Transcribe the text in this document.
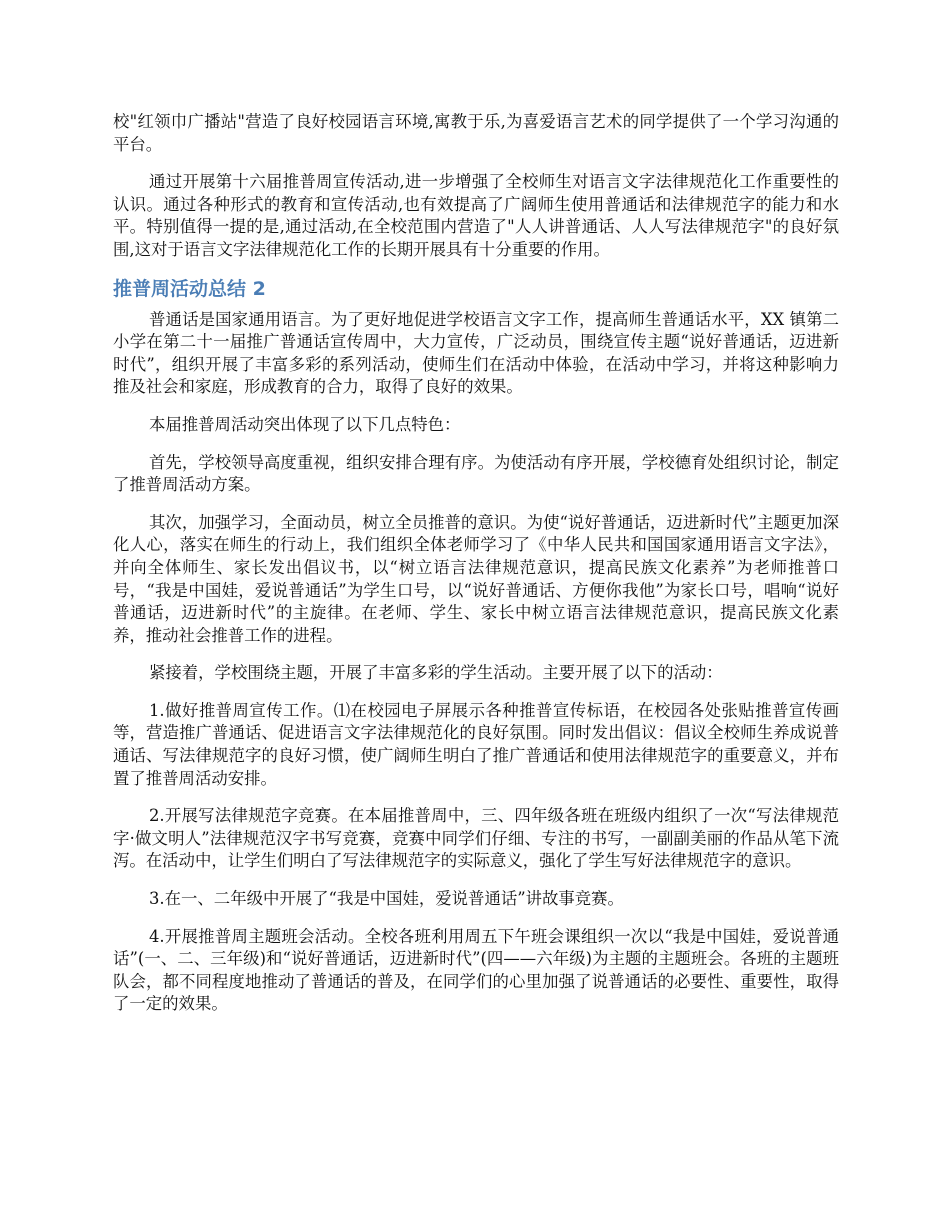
校"红领巾广播站"营造了良好校园语言环境,寓教于乐,为喜爱语言艺术的同学提供了一个学习沟通的平台。

通过开展第十六届推普周宣传活动,进一步增强了全校师生对语言文字法律规范化工作重要性的认识。通过各种形式的教育和宣传活动,也有效提高了广阔师生使用普通话和法律规范字的能力和水平。特别值得一提的是,通过活动,在全校范围内营造了"人人讲普通话、人人写法律规范字"的良好氛围,这对于语言文字法律规范化工作的长期开展具有十分重要的作用。

推普周活动总结 2

普通话是国家通用语言。为了更好地促进学校语言文字工作，提高师生普通话水平，XX 镇第二小学在第二十一届推广普通话宣传周中，大力宣传，广泛动员，围绕宣传主题“说好普通话，迈进新时代”，组织开展了丰富多彩的系列活动，使师生们在活动中体验，在活动中学习，并将这种影响力推及社会和家庭，形成教育的合力，取得了良好的效果。

本届推普周活动突出体现了以下几点特色：

首先，学校领导高度重视，组织安排合理有序。为使活动有序开展，学校德育处组织讨论，制定了推普周活动方案。

其次，加强学习，全面动员，树立全员推普的意识。为使“说好普通话，迈进新时代”主题更加深化人心，落实在师生的行动上，我们组织全体老师学习了《中华人民共和国国家通用语言文字法》，并向全体师生、家长发出倡议书，以“树立语言法律规范意识，提高民族文化素养”为老师推普口号，“我是中国娃，爱说普通话”为学生口号，以“说好普通话、方便你我他”为家长口号，唱响“说好普通话，迈进新时代”的主旋律。在老师、学生、家长中树立语言法律规范意识，提高民族文化素养，推动社会推普工作的进程。

紧接着，学校围绕主题，开展了丰富多彩的学生活动。主要开展了以下的活动：

1.做好推普周宣传工作。⑴在校园电子屏展示各种推普宣传标语，在校园各处张贴推普宣传画等，营造推广普通话、促进语言文字法律规范化的良好氛围。同时发出倡议：倡议全校师生养成说普通话、写法律规范字的良好习惯，使广阔师生明白了推广普通话和使用法律规范字的重要意义，并布置了推普周活动安排。

2.开展写法律规范字竞赛。在本届推普周中，三、四年级各班在班级内组织了一次“写法律规范字·做文明人”法律规范汉字书写竞赛，竞赛中同学们仔细、专注的书写，一副副美丽的作品从笔下流泻。在活动中，让学生们明白了写法律规范字的实际意义，强化了学生写好法律规范字的意识。

3.在一、二年级中开展了“我是中国娃，爱说普通话”讲故事竞赛。

4.开展推普周主题班会活动。全校各班利用周五下午班会课组织一次以“我是中国娃，爱说普通话”(一、二、三年级)和“说好普通话，迈进新时代”(四——六年级)为主题的主题班会。各班的主题班队会，都不同程度地推动了普通话的普及，在同学们的心里加强了说普通话的必要性、重要性，取得了一定的效果。
